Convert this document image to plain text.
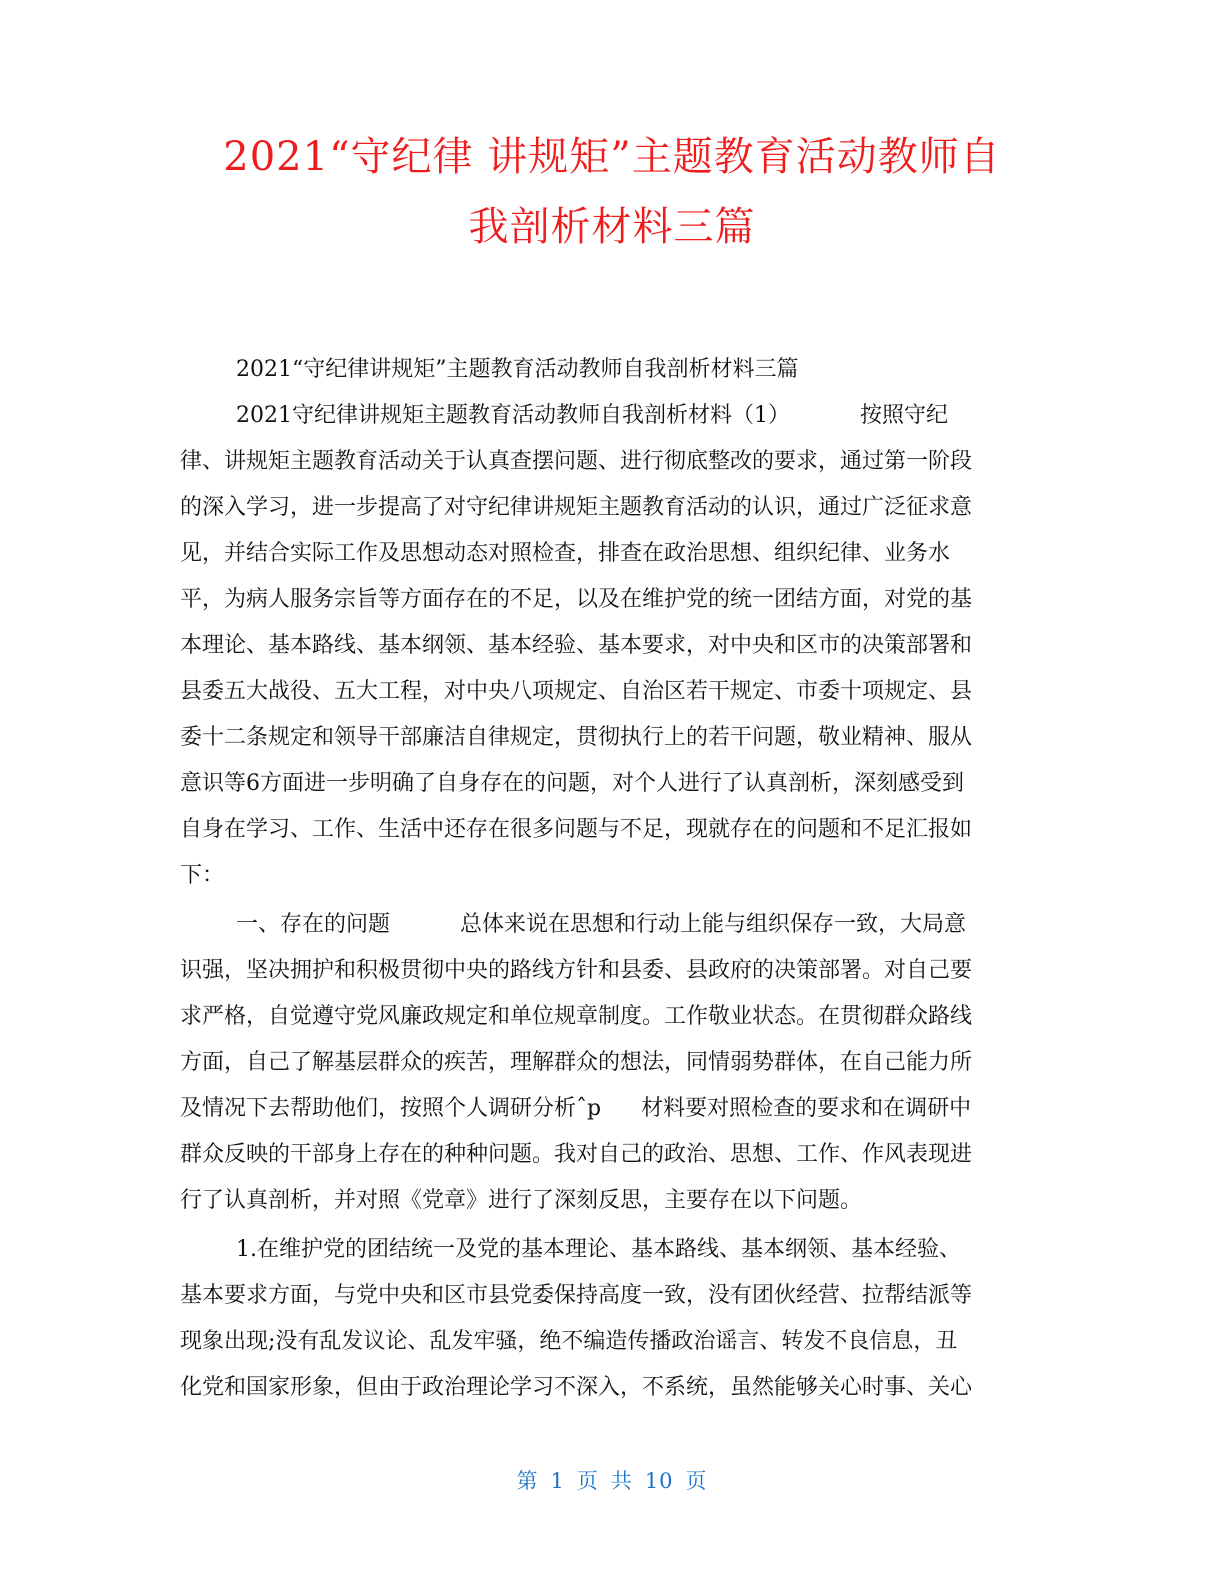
2021“守纪律 讲规矩”主题教育活动教师自
我剖析材料三篇

2021“守纪律讲规矩”主题教育活动教师自我剖析材料三篇

2021守纪律讲规矩主题教育活动教师自我剖析材料（1）	按照守纪

律、讲规矩主题教育活动关于认真查摆问题、进行彻底整改的要求，通过第一阶段

的深入学习，进一步提高了对守纪律讲规矩主题教育活动的认识，通过广泛征求意

见，并结合实际工作及思想动态对照检查，排查在政治思想、组织纪律、业务水

平，为病人服务宗旨等方面存在的不足，以及在维护党的统一团结方面，对党的基

本理论、基本路线、基本纲领、基本经验、基本要求，对中央和区市的决策部署和

县委五大战役、五大工程，对中央八项规定、自治区若干规定、市委十项规定、县

委十二条规定和领导干部廉洁自律规定，贯彻执行上的若干问题，敬业精神、服从

意识等6方面进一步明确了自身存在的问题，对个人进行了认真剖析，深刻感受到

自身在学习、工作、生活中还存在很多问题与不足，现就存在的问题和不足汇报如

下：

一、存在的问题	总体来说在思想和行动上能与组织保存一致，大局意

识强，坚决拥护和积极贯彻中央的路线方针和县委、县政府的决策部署。对自己要

求严格，自觉遵守党风廉政规定和单位规章制度。工作敬业状态。在贯彻群众路线

方面，自己了解基层群众的疾苦，理解群众的想法，同情弱势群体，在自己能力所

及情况下去帮助他们，按照个人调研分析ˆp 材料要对照检查的要求和在调研中

群众反映的干部身上存在的种种问题。我对自己的政治、思想、工作、作风表现进

行了认真剖析，并对照《党章》进行了深刻反思，主要存在以下问题。

1.在维护党的团结统一及党的基本理论、基本路线、基本纲领、基本经验、

基本要求方面，与党中央和区市县党委保持高度一致，没有团伙经营、拉帮结派等

现象出现;没有乱发议论、乱发牢骚，绝不编造传播政治谣言、转发不良信息，丑

化党和国家形象，但由于政治理论学习不深入，不系统，虽然能够关心时事、关心

第 1 页 共 10 页
